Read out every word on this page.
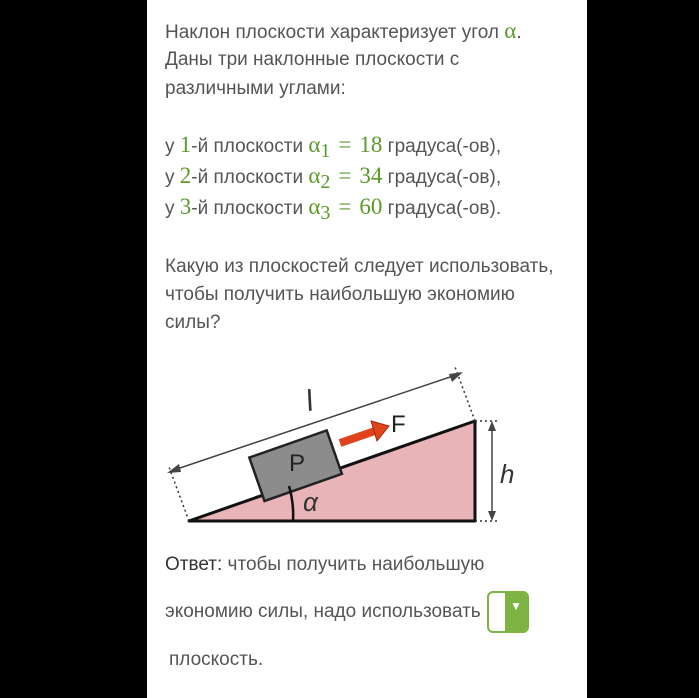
Наклон плоскости характеризует угол α.
Даны три наклонные плоскости с
различными углами:
у 1-й плоскости α1 = 18 градуса(-ов),
у 2-й плоскости α2 = 34 градуса(-ов),
у 3-й плоскости α3 = 60 градуса(-ов).
Какую из плоскостей следует использовать,
чтобы получить наибольшую экономию
силы?
l
h
P
F
α
Ответ: чтобы получить наибольшую
экономию силы, надо использовать	▼
плоскость.
